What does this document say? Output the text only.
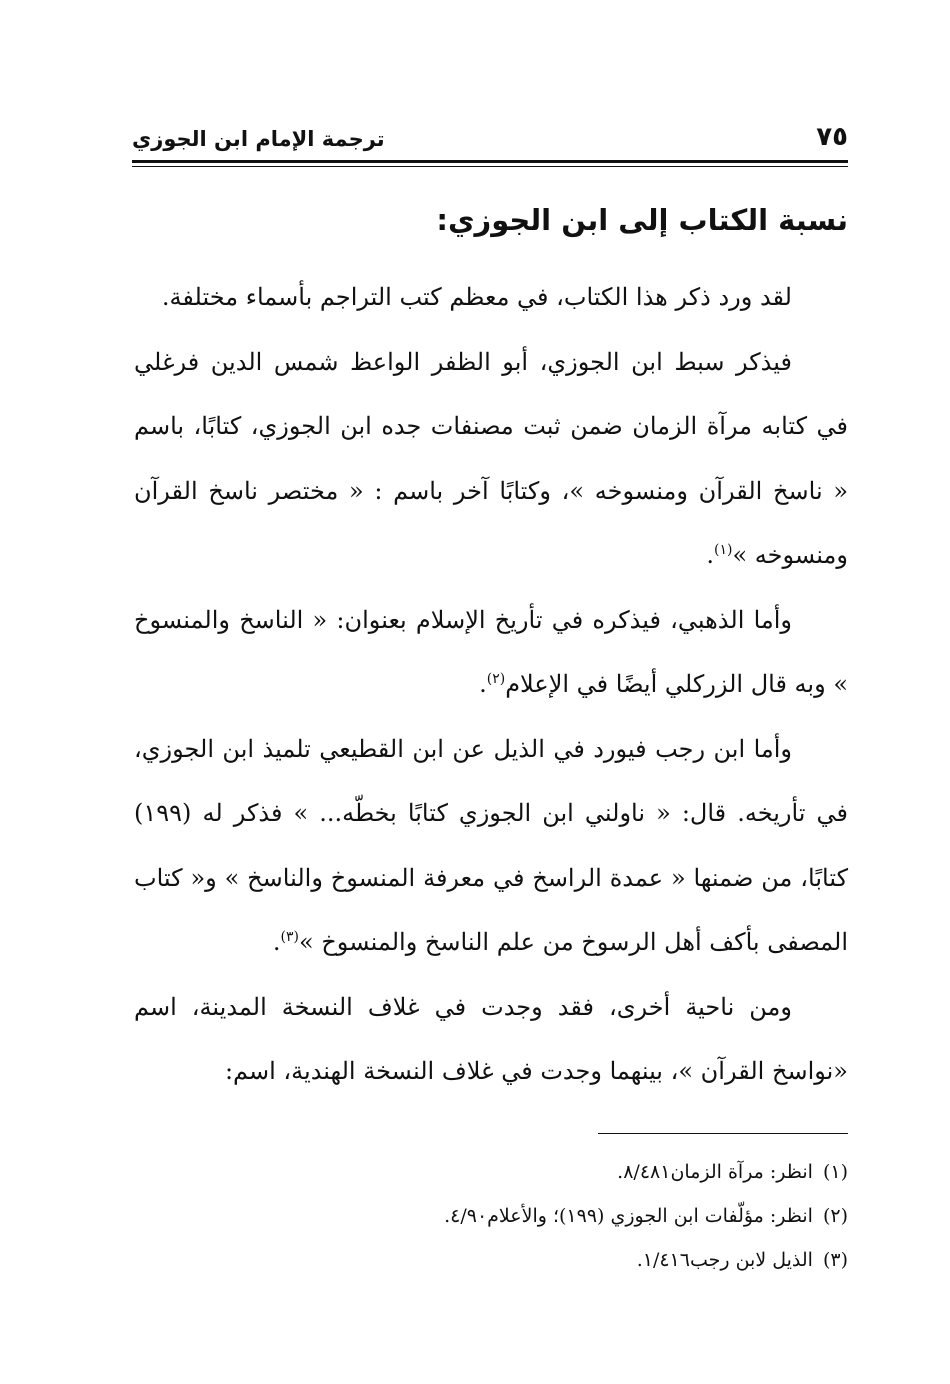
٧٥
ترجمة الإمام ابن الجوزي
نسبة الكتاب إلى ابن الجوزي:

لقد ورد ذكر هذا الكتاب، في معظم كتب التراجم بأسماء مختلفة.

فيذكر سبط ابن الجوزي، أبو الظفر الواعظ شمس الدين فرغلي في كتابه مرآة الزمان ضمن ثبت مصنفات جده ابن الجوزي، كتابًا، باسم « ناسخ القرآن ومنسوخه »، وكتابًا آخر باسم : « مختصر ناسخ القرآن ومنسوخه »$^{(١)}$.

وأما الذهبي، فيذكره في تأريخ الإسلام بعنوان: « الناسخ والمنسوخ » وبه قال الزركلي أيضًا في الإعلام$^{(٢)}$.

وأما ابن رجب فيورد في الذيل عن ابن القطيعي تلميذ ابن الجوزي، في تأريخه. قال: « ناولني ابن الجوزي كتابًا بخطّه... » فذكر له (١٩٩) كتابًا، من ضمنها « عمدة الراسخ في معرفة المنسوخ والناسخ » و« كتاب المصفى بأكف أهل الرسوخ من علم الناسخ والمنسوخ »$^{(٣)}$.

ومن ناحية أخرى، فقد وجدت في غلاف النسخة المدينة، اسم «نواسخ القرآن »، بينهما وجدت في غلاف النسخة الهندية، اسم:

(١)انظر: مرآة الزمان٨/٤٨١.

(٢)انظر: مؤلّفات ابن الجوزي (١٩٩)؛ والأعلام٤/٩٠.

(٣)الذيل لابن رجب١/٤١٦.
